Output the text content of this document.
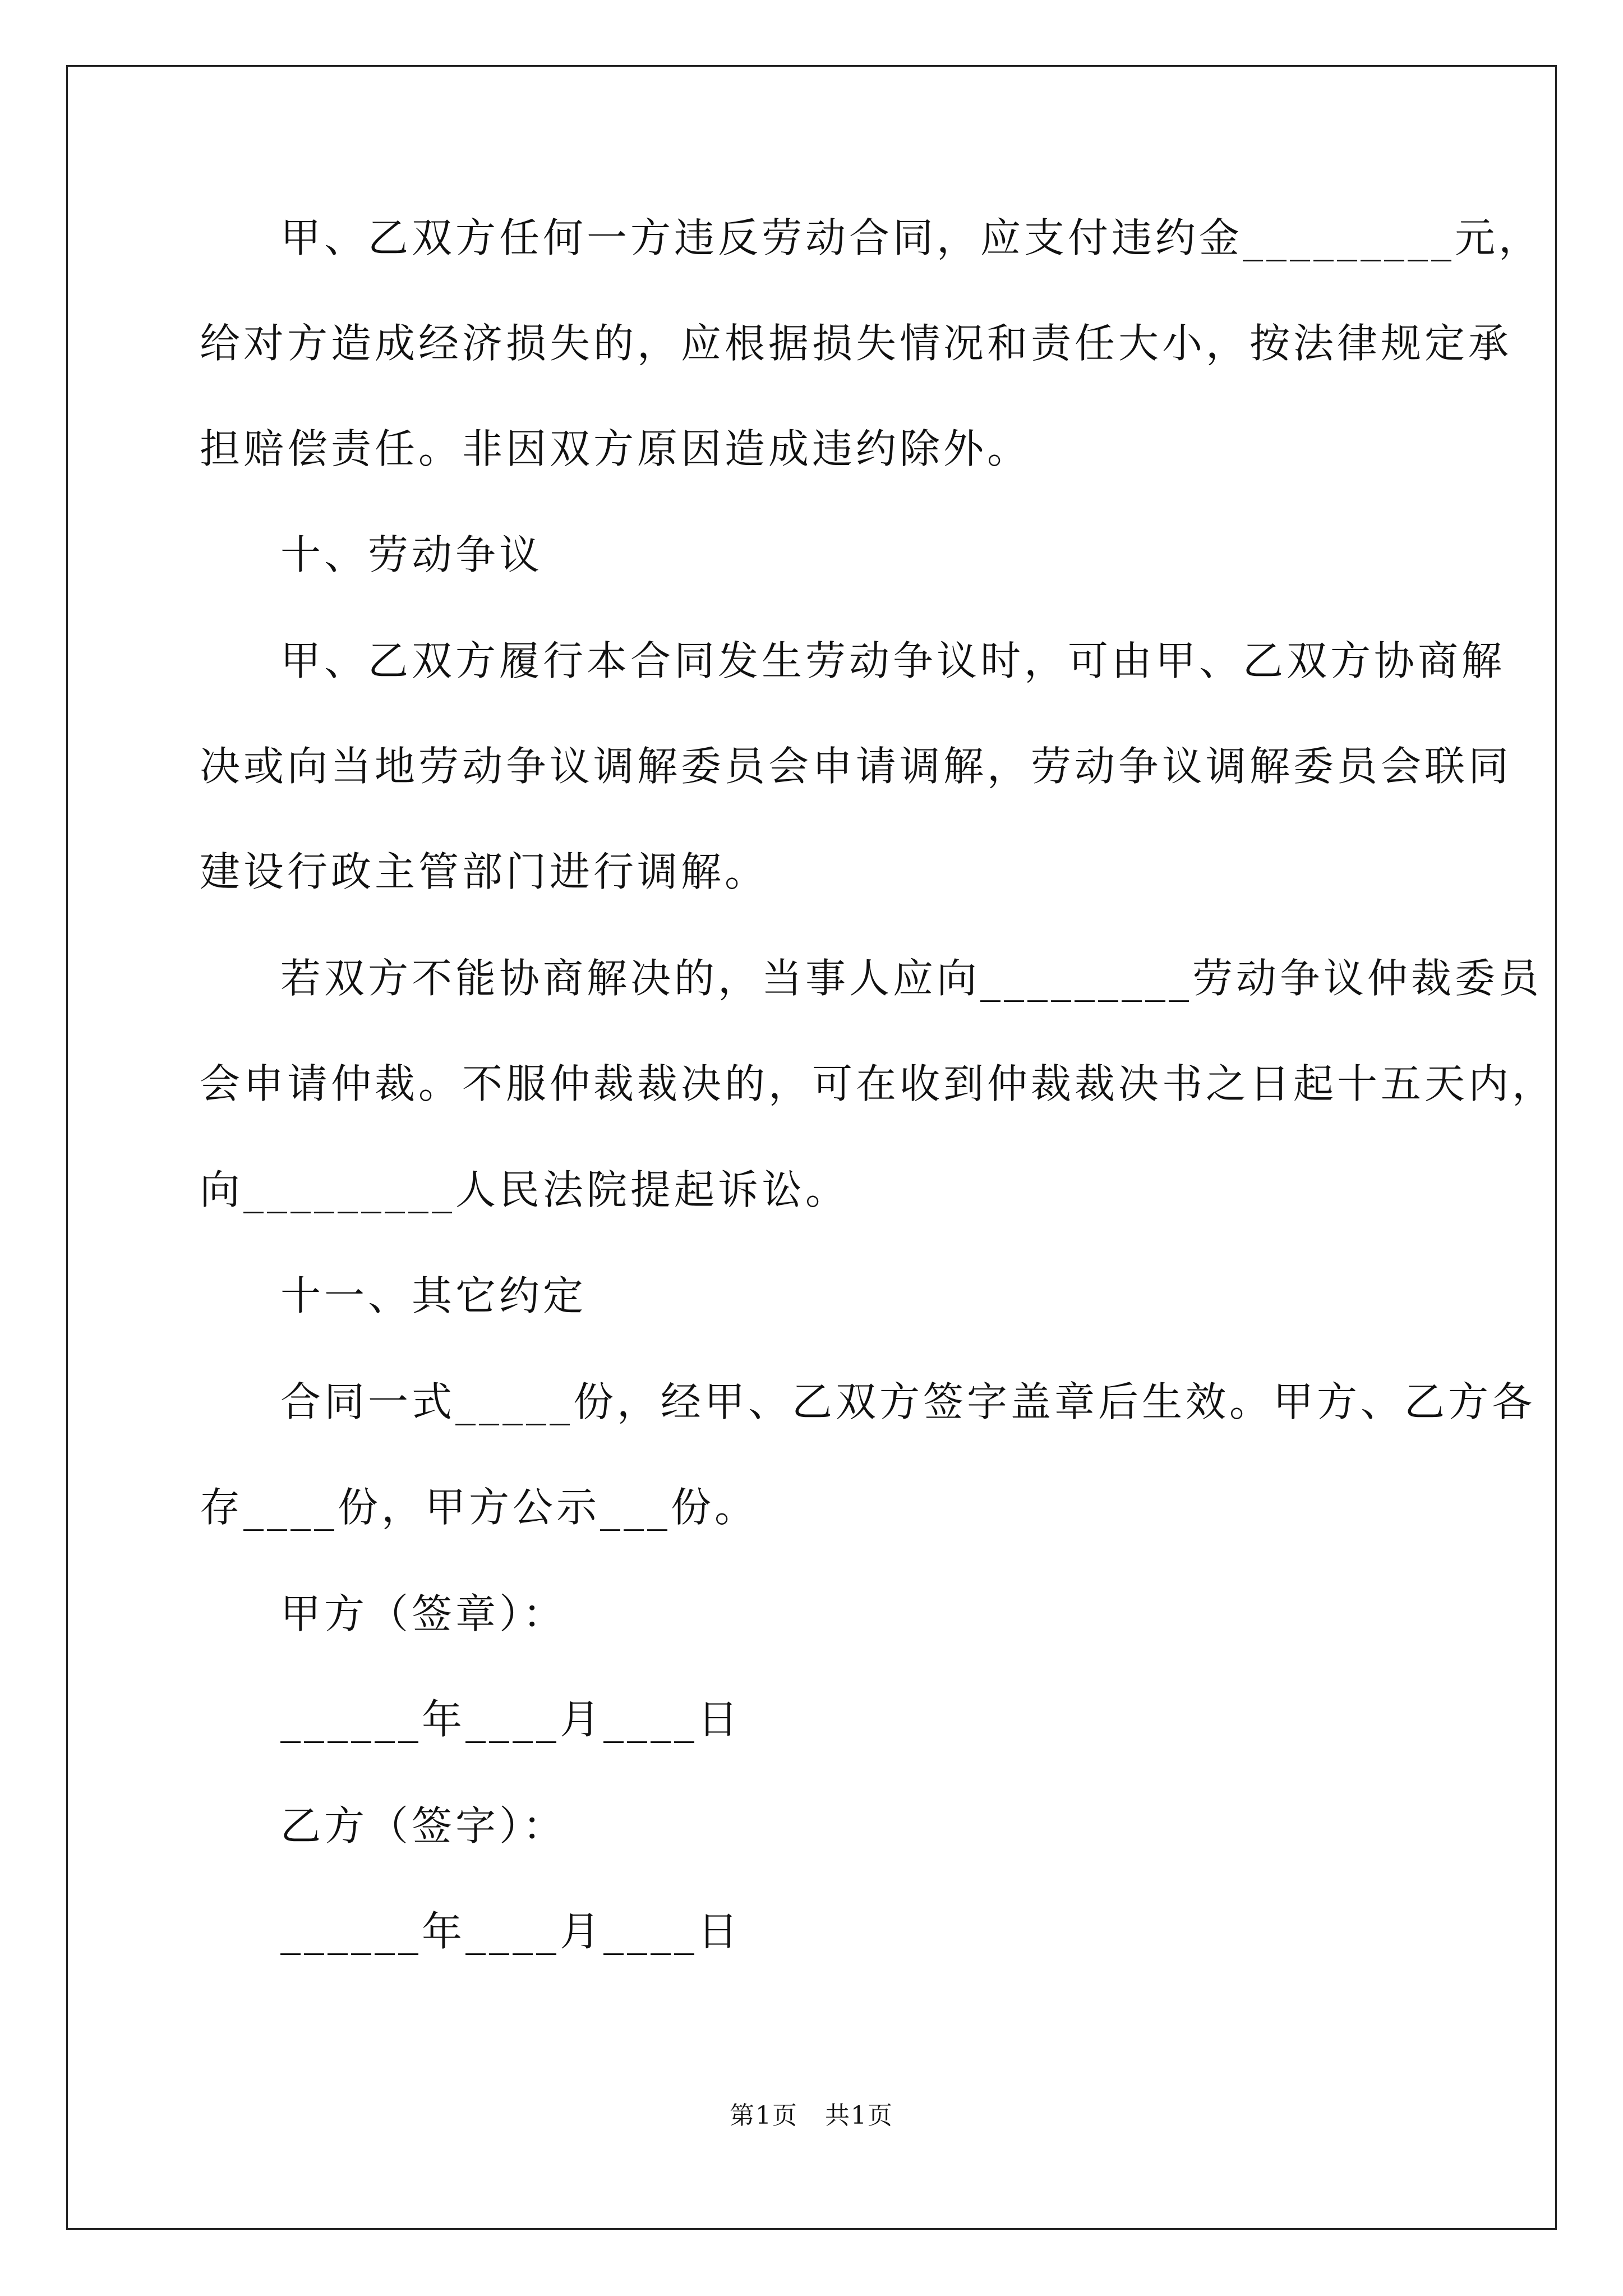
甲、乙双方任何一方违反劳动合同，应支付违约金_________元，
给对方造成经济损失的，应根据损失情况和责任大小，按法律规定承
担赔偿责任。非因双方原因造成违约除外。
十、劳动争议
甲、乙双方履行本合同发生劳动争议时，可由甲、乙双方协商解
决或向当地劳动争议调解委员会申请调解，劳动争议调解委员会联同
建设行政主管部门进行调解。
若双方不能协商解决的，当事人应向_________劳动争议仲裁委员
会申请仲裁。不服仲裁裁决的，可在收到仲裁裁决书之日起十五天内，
向_________人民法院提起诉讼。
十一、其它约定
合同一式_____份，经甲、乙双方签字盖章后生效。甲方、乙方各
存____份，甲方公示___份。
甲方（签章）：
______年____月____日
乙方（签字）：
______年____月____日
第1页   共1页
